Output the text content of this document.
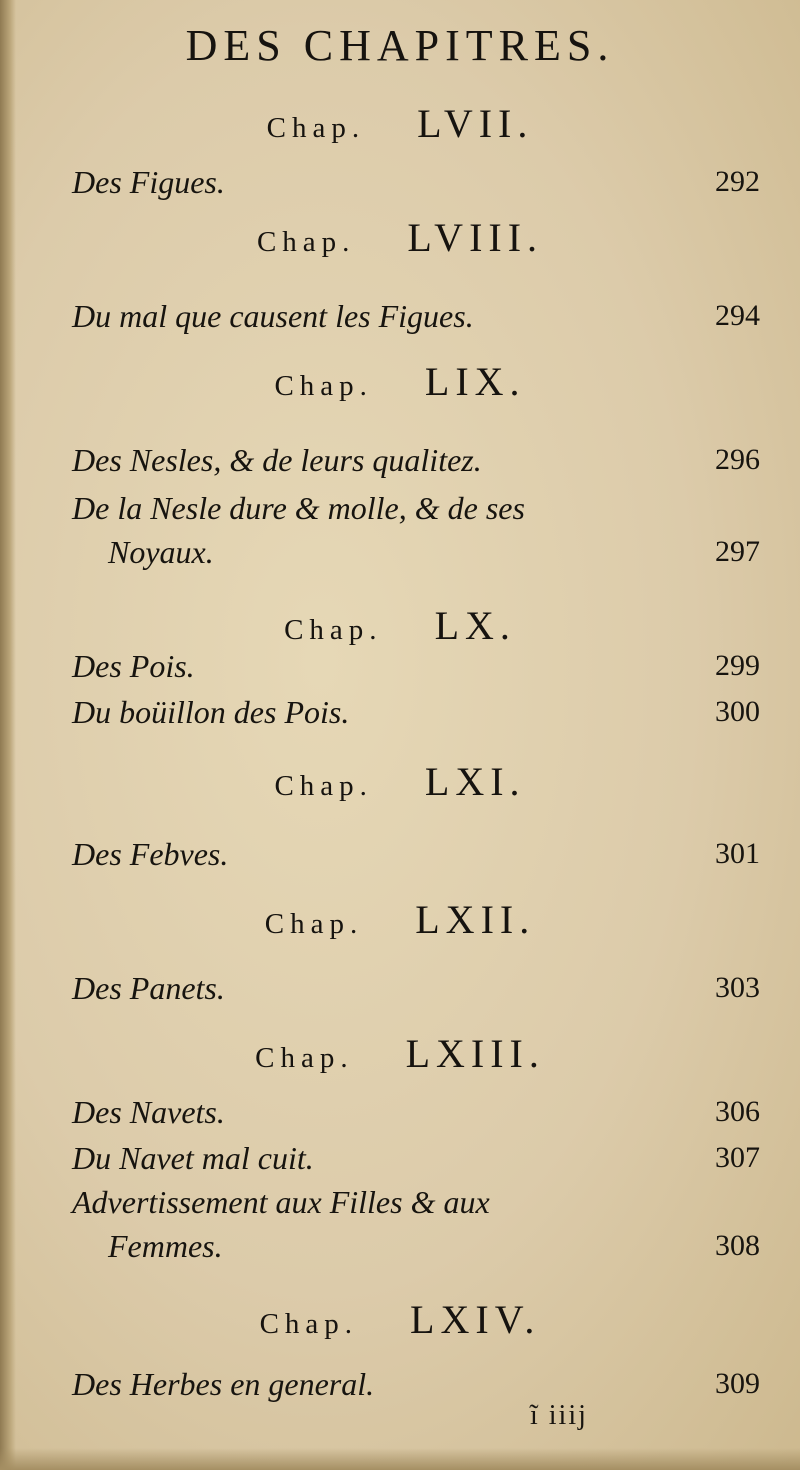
DES CHAPITRES.
Chap. LVII.
Des Figues.	292
Chap. LVIII.
Du mal que causent les Figues.	294
Chap. LIX.
Des Nesles, & de leurs qualitez.	296
De la Nesle dure & molle, & de ses
Noyaux.	297
Chap. LX.
Des Pois.	299
Du boüillon des Pois.	300
Chap. LXI.
Des Febves.	301
Chap. LXII.
Des Panets.	303
Chap. LXIII.
Des Navets.	306
Du Navet mal cuit.	307
Advertissement aux Filles & aux
Femmes.	308
Chap. LXIV.
Des Herbes en general.	309
ĩ iiij
